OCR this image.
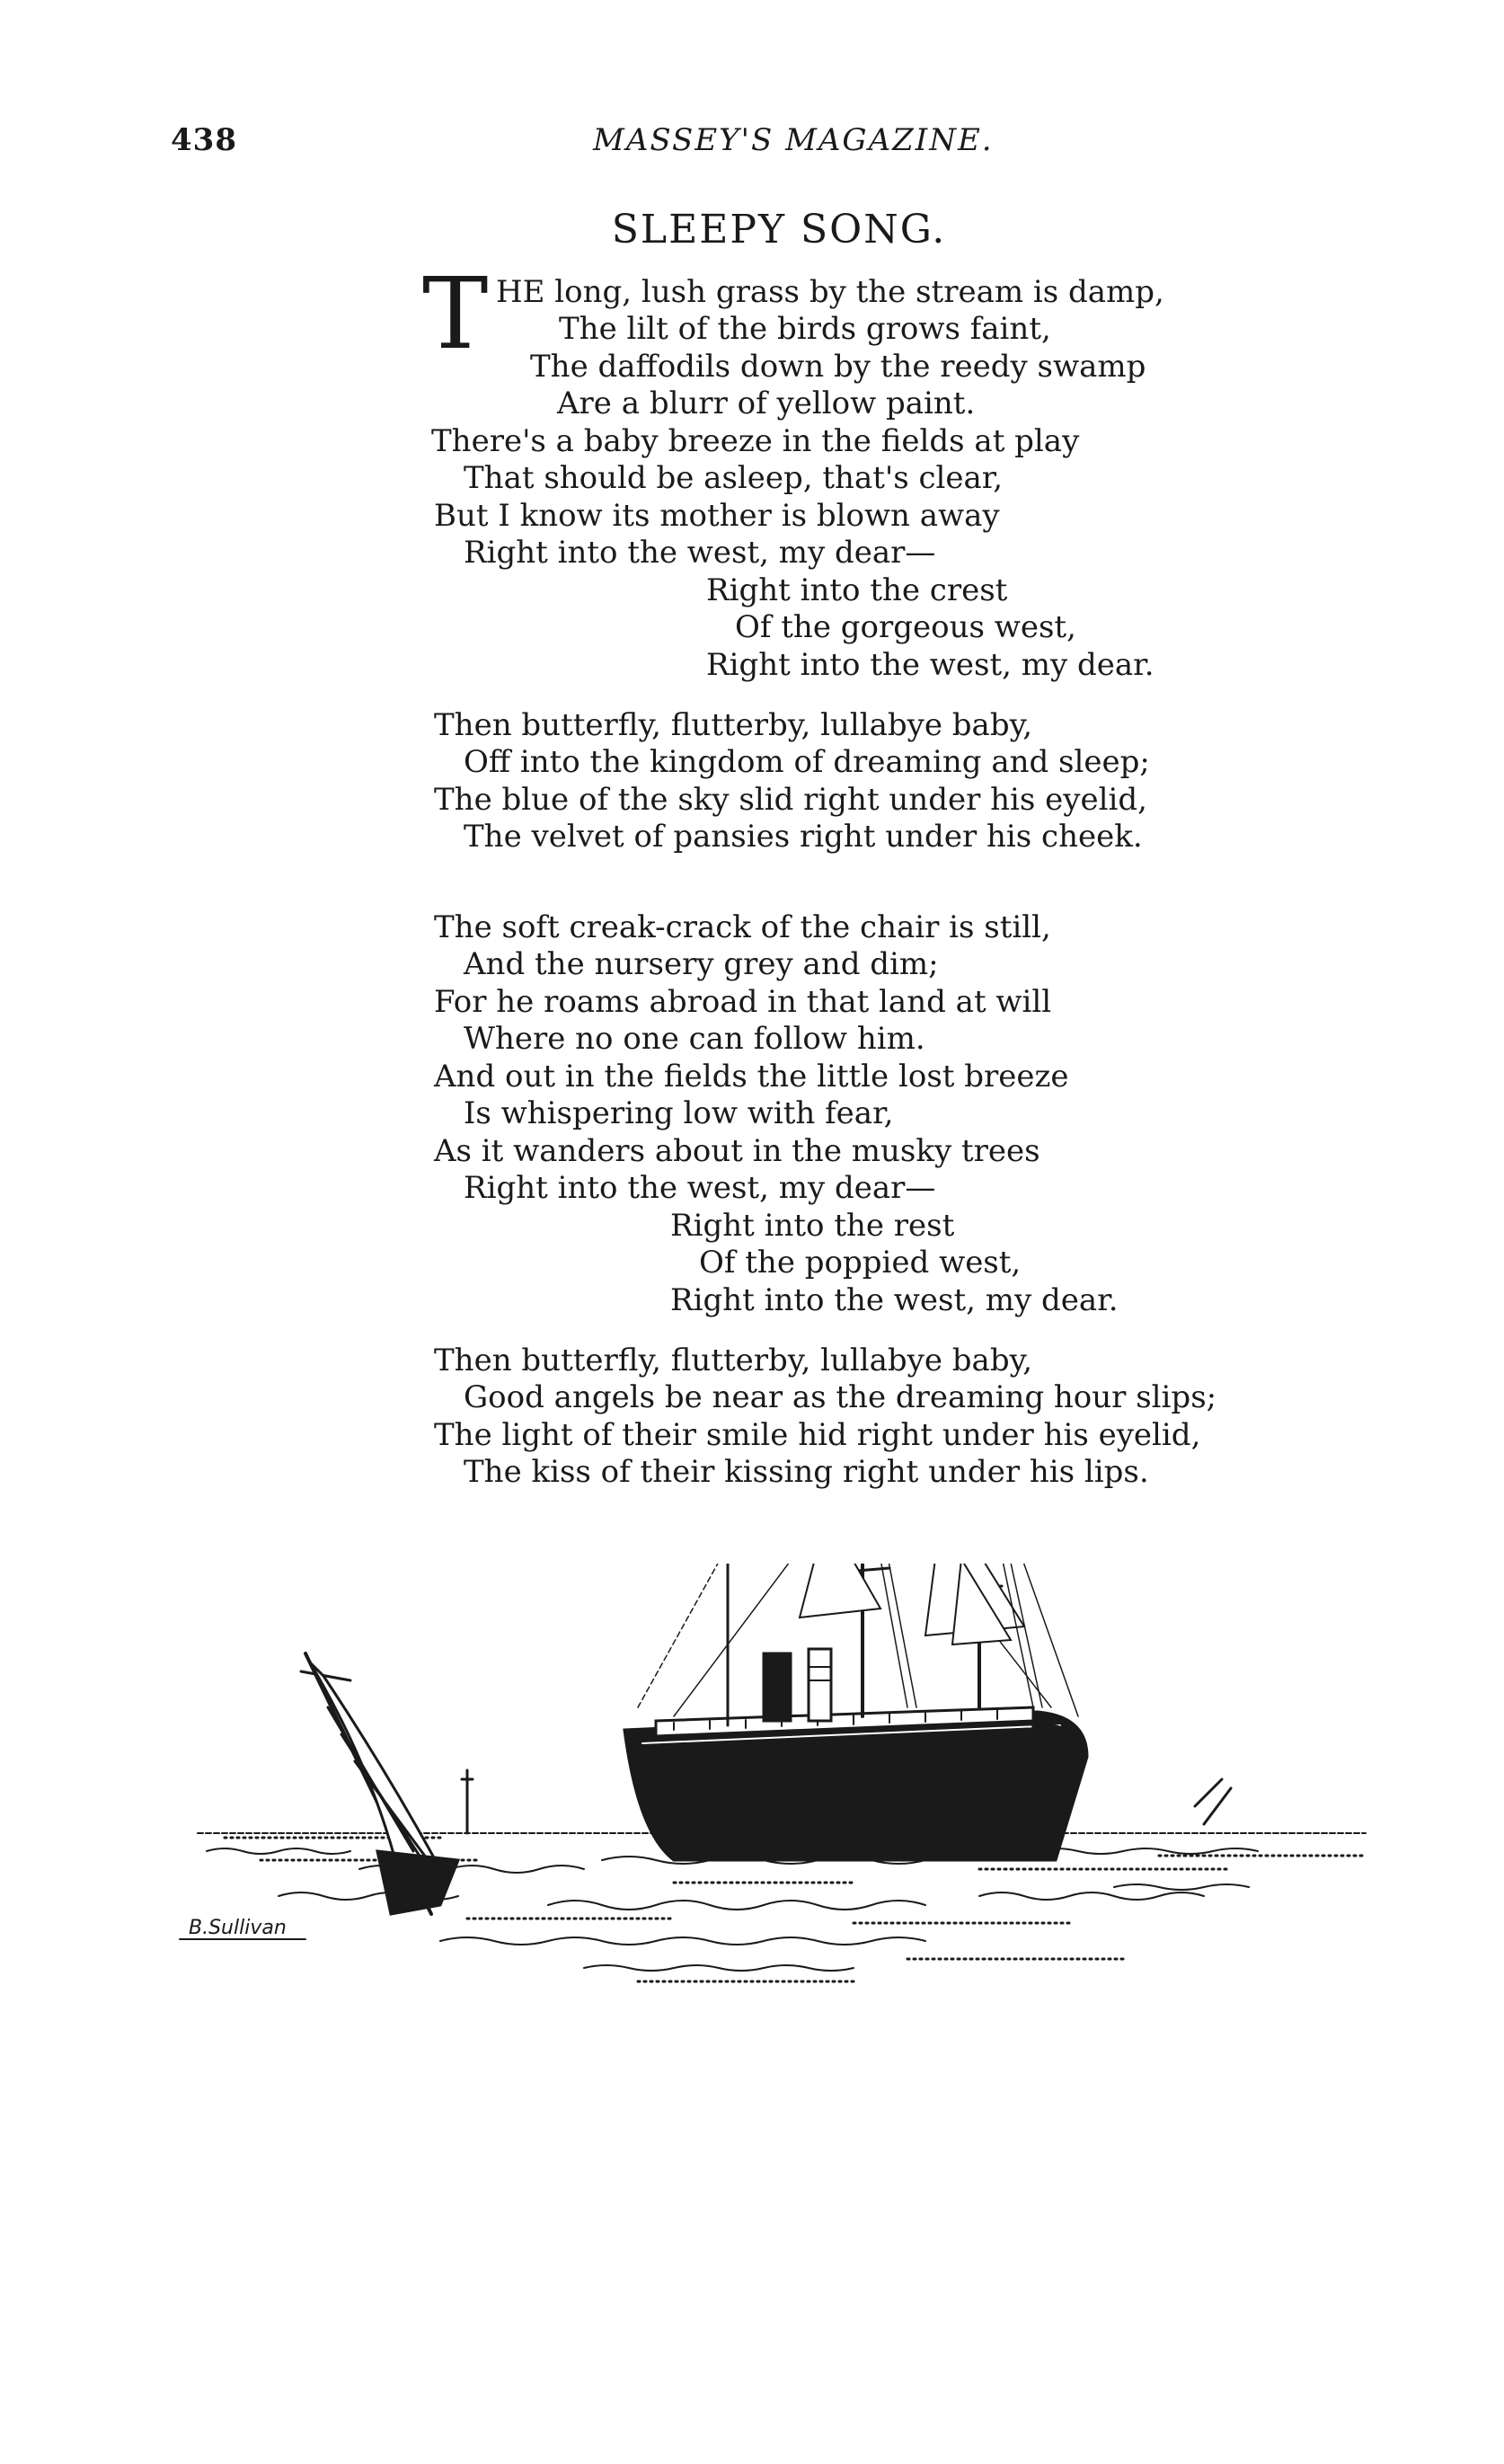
438	MASSEY'S MAGAZINE.
SLEEPY SONG.
T HE long, lush grass by the stream is damp,
The lilt of the birds grows faint,
The daffodils down by the reedy swamp
Are a blurr of yellow paint.
There's a baby breeze in the fields at play
That should be asleep, that's clear,
But I know its mother is blown away
Right into the west, my dear—
Right into the crest
Of the gorgeous west,
Right into the west, my dear.
Then butterfly, flutterby, lullabye baby,
Off into the kingdom of dreaming and sleep;
The blue of the sky slid right under his eyelid,
The velvet of pansies right under his cheek.
The soft creak-crack of the chair is still,
And the nursery grey and dim;
For he roams abroad in that land at will
Where no one can follow him.
And out in the fields the little lost breeze
Is whispering low with fear,
As it wanders about in the musky trees
Right into the west, my dear—
Right into the rest
Of the poppied west,
Right into the west, my dear.
Then butterfly, flutterby, lullabye baby,
Good angels be near as the dreaming hour slips;
The light of their smile hid right under his eyelid,
The kiss of their kissing right under his lips.
B.Sullivan
